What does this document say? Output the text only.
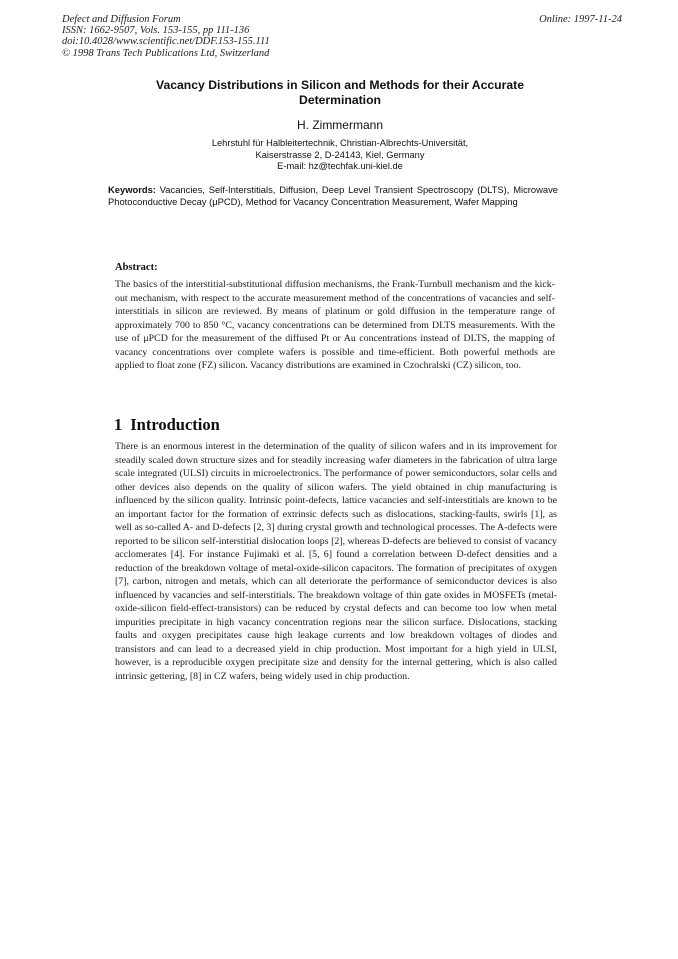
Defect and Diffusion Forum
ISSN: 1662-9507, Vols. 153-155, pp 111-136
doi:10.4028/www.scientific.net/DDF.153-155.111
© 1998 Trans Tech Publications Ltd, Switzerland
Online: 1997-11-24
Vacancy Distributions in Silicon and Methods for their Accurate Determination
H. Zimmermann
Lehrstuhl für Halbleitertechnik, Christian-Albrechts-Universität,
Kaiserstrasse 2, D-24143, Kiel, Germany
E-mail: hz@techfak.uni-kiel.de
Keywords: Vacancies, Self-Interstitials, Diffusion, Deep Level Transient Spectroscopy (DLTS), Microwave Photoconductive Decay (μPCD), Method for Vacancy Concentration Measurement, Wafer Mapping
Abstract:
The basics of the interstitial-substitutional diffusion mechanisms, the Frank-Turnbull mechanism and the kick-out mechanism, with respect to the accurate measurement method of the concentrations of vacancies and self-interstitials in silicon are reviewed. By means of platinum or gold diffusion in the temperature range of approximately 700 to 850 °C, vacancy concentrations can be determined from DLTS measurements. With the use of μPCD for the measurement of the diffused Pt or Au concentrations instead of DLTS, the mapping of vacancy concentrations over complete wafers is possible and time-efficient. Both powerful methods are applied to float zone (FZ) silicon. Vacancy distributions are examined in Czochralski (CZ) silicon, too.
1 Introduction
There is an enormous interest in the determination of the quality of silicon wafers and in its improvement for steadily scaled down structure sizes and for steadily increasing wafer diameters in the fabrication of ultra large scale integrated (ULSI) circuits in microelectronics. The performance of power semiconductors, solar cells and other devices also depends on the quality of silicon wafers. The yield obtained in chip manufacturing is influenced by the silicon quality. Intrinsic point-defects, lattice vacancies and self-interstitials are known to be an important factor for the formation of extrinsic defects such as dislocations, stacking-faults, swirls [1], as well as so-called A- and D-defects [2, 3] during crystal growth and technological processes. The A-defects were reported to be silicon self-interstitial dislocation loops [2], whereas D-defects are believed to consist of vacancy acclomerates [4]. For instance Fujimaki et al. [5, 6] found a correlation between D-defect densities and a reduction of the breakdown voltage of metal-oxide-silicon capacitors. The formation of precipitates of oxygen [7], carbon, nitrogen and metals, which can all deteriorate the performance of semiconductor devices is also influenced by vacancies and self-interstitials. The breakdown voltage of thin gate oxides in MOSFETs (metal-oxide-silicon field-effect-transistors) can be reduced by crystal defects and can become too low when metal impurities precipitate in high vacancy concentration regions near the silicon surface. Dislocations, stacking faults and oxygen precipitates cause high leakage currents and low breakdown voltages of diodes and transistors and can lead to a decreased yield in chip production. Most important for a high yield in ULSI, however, is a reproducible oxygen precipitate size and density for the internal gettering, which is also called intrinsic gettering, [8] in CZ wafers, being widely used in chip production.
